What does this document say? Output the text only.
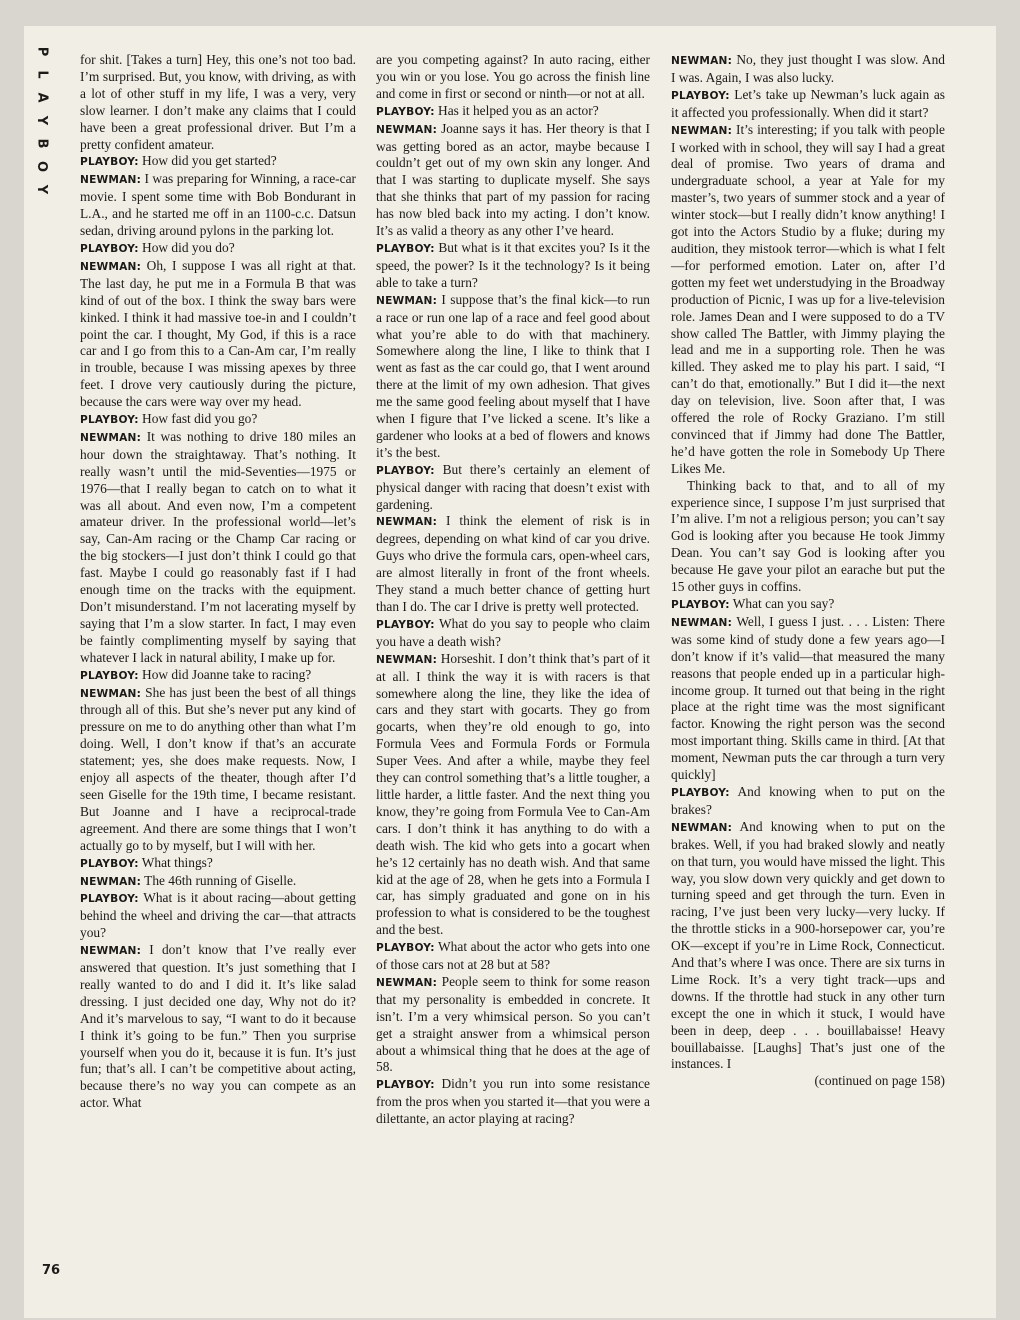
P
L
A
Y
B
O
Y

for shit. [Takes a turn] Hey, this one’s not too bad. I’m surprised. But, you know, with driving, as with a lot of other stuff in my life, I was a very, very slow learner. I don’t make any claims that I could have been a great professional driver. But I’m a pretty confident amateur.

PLAYBOY: How did you get started?

NEWMAN: I was preparing for Winning, a race-car movie. I spent some time with Bob Bondurant in L.A., and he started me off in an 1100-c.c. Datsun sedan, driving around pylons in the parking lot.

PLAYBOY: How did you do?

NEWMAN: Oh, I suppose I was all right at that. The last day, he put me in a Formula B that was kind of out of the box. I think the sway bars were kinked. I think it had massive toe-in and I couldn’t point the car. I thought, My God, if this is a race car and I go from this to a Can-Am car, I’m really in trouble, because I was missing apexes by three feet. I drove very cautiously during the picture, because the cars were way over my head.

PLAYBOY: How fast did you go?

NEWMAN: It was nothing to drive 180 miles an hour down the straightaway. That’s nothing. It really wasn’t until the mid-Seventies—1975 or 1976—that I really began to catch on to what it was all about. And even now, I’m a competent amateur driver. In the professional world—let’s say, Can-Am racing or the Champ Car racing or the big stockers—I just don’t think I could go that fast. Maybe I could go reasonably fast if I had enough time on the tracks with the equipment. Don’t misunderstand. I’m not lacerating myself by saying that I’m a slow starter. In fact, I may even be faintly complimenting myself by saying that whatever I lack in natural ability, I make up for.

PLAYBOY: How did Joanne take to racing?

NEWMAN: She has just been the best of all things through all of this. But she’s never put any kind of pressure on me to do anything other than what I’m doing. Well, I don’t know if that’s an accurate statement; yes, she does make requests. Now, I enjoy all aspects of the theater, though after I’d seen Giselle for the 19th time, I became resistant. But Joanne and I have a reciprocal-trade agreement. And there are some things that I won’t actually go to by myself, but I will with her.

PLAYBOY: What things?

NEWMAN: The 46th running of Giselle.

PLAYBOY: What is it about racing—about getting behind the wheel and driving the car—that attracts you?

NEWMAN: I don’t know that I’ve really ever answered that question. It’s just something that I really wanted to do and I did it. It’s like salad dressing. I just decided one day, Why not do it? And it’s marvelous to say, “I want to do it because I think it’s going to be fun.” Then you surprise yourself when you do it, because it is fun. It’s just fun; that’s all. I can’t be competitive about acting, because there’s no way you can compete as an actor. What

are you competing against? In auto racing, either you win or you lose. You go across the finish line and come in first or second or ninth—or not at all.

PLAYBOY: Has it helped you as an actor?

NEWMAN: Joanne says it has. Her theory is that I was getting bored as an actor, maybe because I couldn’t get out of my own skin any longer. And that I was starting to duplicate myself. She says that she thinks that part of my passion for racing has now bled back into my acting. I don’t know. It’s as valid a theory as any other I’ve heard.

PLAYBOY: But what is it that excites you? Is it the speed, the power? Is it the technology? Is it being able to take a turn?

NEWMAN: I suppose that’s the final kick—to run a race or run one lap of a race and feel good about what you’re able to do with that machinery. Somewhere along the line, I like to think that I went as fast as the car could go, that I went around there at the limit of my own adhesion. That gives me the same good feeling about myself that I have when I figure that I’ve licked a scene. It’s like a gardener who looks at a bed of flowers and knows it’s the best.

PLAYBOY: But there’s certainly an element of physical danger with racing that doesn’t exist with gardening.

NEWMAN: I think the element of risk is in degrees, depending on what kind of car you drive. Guys who drive the formula cars, open-wheel cars, are almost literally in front of the front wheels. They stand a much better chance of getting hurt than I do. The car I drive is pretty well protected.

PLAYBOY: What do you say to people who claim you have a death wish?

NEWMAN: Horseshit. I don’t think that’s part of it at all. I think the way it is with racers is that somewhere along the line, they like the idea of cars and they start with gocarts. They go from gocarts, when they’re old enough to go, into Formula Vees and Formula Fords or Formula Super Vees. And after a while, maybe they feel they can control something that’s a little tougher, a little harder, a little faster. And the next thing you know, they’re going from Formula Vee to Can-Am cars. I don’t think it has anything to do with a death wish. The kid who gets into a gocart when he’s 12 certainly has no death wish. And that same kid at the age of 28, when he gets into a Formula I car, has simply graduated and gone on in his profession to what is considered to be the toughest and the best.

PLAYBOY: What about the actor who gets into one of those cars not at 28 but at 58?

NEWMAN: People seem to think for some reason that my personality is embedded in concrete. It isn’t. I’m a very whimsical person. So you can’t get a straight answer from a whimsical person about a whimsical thing that he does at the age of 58.

PLAYBOY: Didn’t you run into some resistance from the pros when you started it—that you were a dilettante, an actor playing at racing?

NEWMAN: No, they just thought I was slow. And I was. Again, I was also lucky.

PLAYBOY: Let’s take up Newman’s luck again as it affected you professionally. When did it start?

NEWMAN: It’s interesting; if you talk with people I worked with in school, they will say I had a great deal of promise. Two years of drama and undergraduate school, a year at Yale for my master’s, two years of summer stock and a year of winter stock—but I really didn’t know anything! I got into the Actors Studio by a fluke; during my audition, they mistook terror—which is what I felt—for performed emotion. Later on, after I’d gotten my feet wet understudying in the Broadway production of Picnic, I was up for a live-television role. James Dean and I were supposed to do a TV show called The Battler, with Jimmy playing the lead and me in a supporting role. Then he was killed. They asked me to play his part. I said, “I can’t do that, emotionally.” But I did it—the next day on television, live. Soon after that, I was offered the role of Rocky Graziano. I’m still convinced that if Jimmy had done The Battler, he’d have gotten the role in Somebody Up There Likes Me.

Thinking back to that, and to all of my experience since, I suppose I’m just surprised that I’m alive. I’m not a religious person; you can’t say God is looking after you because He took Jimmy Dean. You can’t say God is looking after you because He gave your pilot an earache but put the 15 other guys in coffins.

PLAYBOY: What can you say?

NEWMAN: Well, I guess I just. . . . Listen: There was some kind of study done a few years ago—I don’t know if it’s valid—that measured the many reasons that people ended up in a particular high-income group. It turned out that being in the right place at the right time was the most significant factor. Knowing the right person was the second most important thing. Skills came in third. [At that moment, Newman puts the car through a turn very quickly]

PLAYBOY: And knowing when to put on the brakes?

NEWMAN: And knowing when to put on the brakes. Well, if you had braked slowly and neatly on that turn, you would have missed the light. This way, you slow down very quickly and get down to turning speed and get through the turn. Even in racing, I’ve just been very lucky—very lucky. If the throttle sticks in a 900-horsepower car, you’re OK—except if you’re in Lime Rock, Connecticut. And that’s where I was once. There are six turns in Lime Rock. It’s a very tight track—ups and downs. If the throttle had stuck in any other turn except the one in which it stuck, I would have been in deep, deep . . . bouillabaisse! Heavy bouillabaisse. [Laughs] That’s just one of the instances. I

(continued on page 158)

76
